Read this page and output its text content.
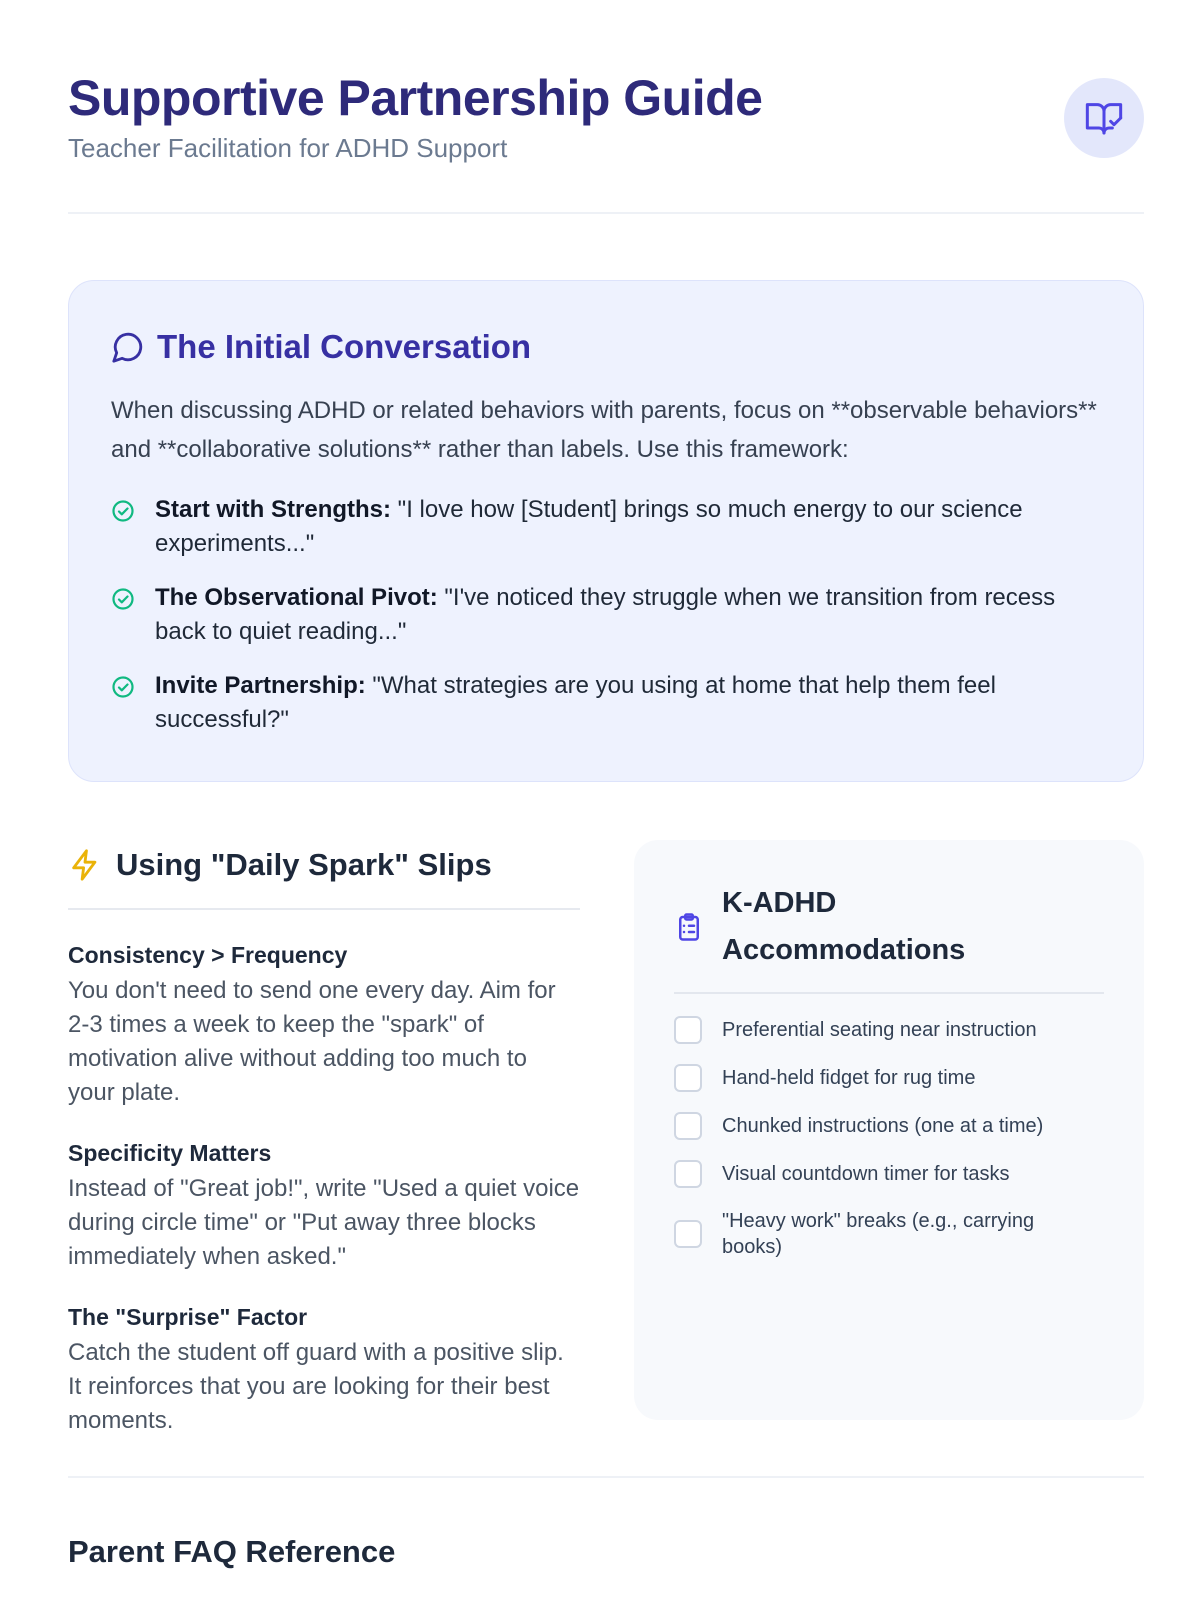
Supportive Partnership Guide
Teacher Facilitation for ADHD Support
The Initial Conversation

When discussing ADHD or related behaviors with parents, focus on **observable behaviors** and **collaborative solutions** rather than labels. Use this framework:

Start with Strengths: "I love how [Student] brings so much energy to our science experiments..."
The Observational Pivot: "I've noticed they struggle when we transition from recess back to quiet reading..."
Invite Partnership: "What strategies are you using at home that help them feel successful?"
Using "Daily Spark" Slips
Consistency > Frequency
You don't need to send one every day. Aim for 2-3 times a week to keep the "spark" of motivation alive without adding too much to your plate.
Specificity Matters
Instead of "Great job!", write "Used a quiet voice during circle time" or "Put away three blocks immediately when asked."
The "Surprise" Factor
Catch the student off guard with a positive slip. It reinforces that you are looking for their best moments.
K-ADHD Accommodations
Preferential seating near instruction
Hand-held fidget for rug time
Chunked instructions (one at a time)
Visual countdown timer for tasks
"Heavy work" breaks (e.g., carrying books)
Parent FAQ Reference
